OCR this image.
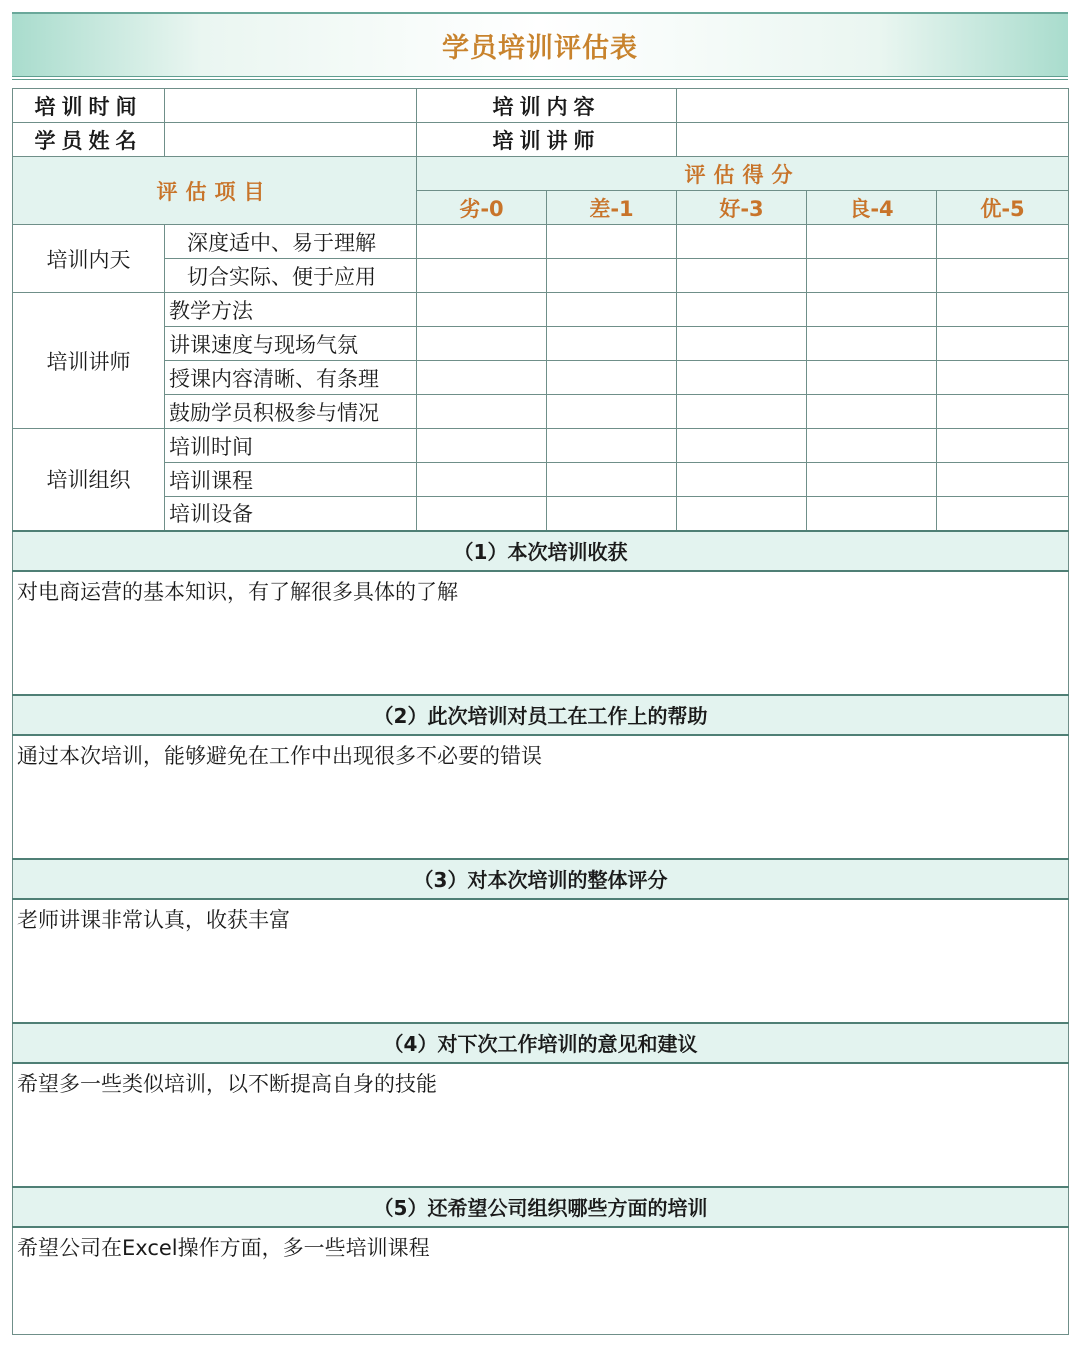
学员培训评估表
培训时间		培训内容				
学员姓名		培训讲师				
评估项目		评估得分				
		劣-0	差-1	好-3	良-4	优-5
培训内天	深度适中、易于理解					
	切合实际、便于应用					
培训讲师	教学方法					
	讲课速度与现场气氛					
	授课内容清晰、有条理					
	鼓励学员积极参与情况					
培训组织	培训时间					
	培训课程					
	培训设备					
（1）本次培训收获						
对电商运营的基本知识，有了解很多具体的了解						
（2）此次培训对员工在工作上的帮助						
通过本次培训，能够避免在工作中出现很多不必要的错误						
（3）对本次培训的整体评分						
老师讲课非常认真，收获丰富						
（4）对下次工作培训的意见和建议						
希望多一些类似培训，以不断提高自身的技能						
（5）还希望公司组织哪些方面的培训						
希望公司在Excel操作方面，多一些培训课程						
